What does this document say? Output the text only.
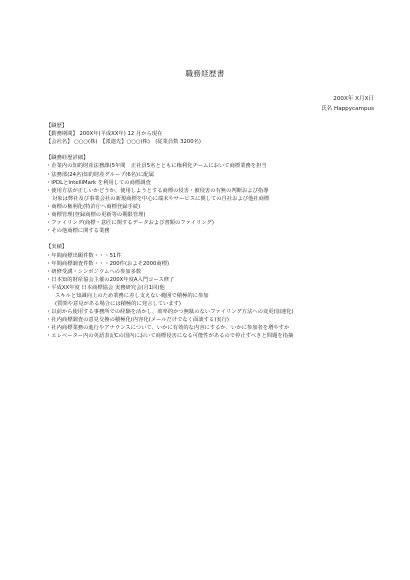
職務経歴書
200X年 X月X日
氏名 Happycampus
【職歴】
【勤務期間】 200X年(平成XX年) 12 月から現在
【会社名】 ○○○(株)　【派遣先】○○○(株)　(従業員数 3200名)
【職務経歴詳細】
・企業内の知的財産法務課(5年間　正社員5名とともに権利化チームにおいて商標業務を担当
・法務部(24名)知的財産グループ(6名)に配属
・IPDLとIntelliMark を利用しての商標調査
・使用方法が正しいかどうか、使用しようとする商標の侵害・被侵害の有無の判断および指導
対象は弊社及び事業会社の新規商標を中心に端末やサービスに関しての自社および他社商標
・商標の権利化(特許庁へ商標登録手続)
・商標管理(登録商標の更新等の期限管理)
・ファイリング(商標・意匠に関するデータおよび書類のファイリング)
・その他商標に関する業務
【実績】
・年間商標出願件数・・・51件
・年間商標調査件数・・・200件(およそ2000商標)
・研修受講・シンポジウムへの参加多数
・日本知的財産協会主催の200X年度A入門コース修了
・平成XX年度 日本商標協会 実務研究会(月1回)他
スキルと知識向上のため業務に差し支えない範囲で積極的に参加
(質問や意見がある場合には積極的に発言しています)
・以前から使用する事務所での経験を活かし、効率的かつ無駄のないファイリング方法への変更(加速化)
・社内商標調査の意見交換の積極化(内容化(メールだけでなく面談する)実行)
・社内商標業務の進行やアナウンスについて、いかに有効的な内容にするか、いかに参加者を増やすか
・エレベーター内の英語表記Cの国内において商標侵害になる可能性があるので停止すべきと問題を指摘
